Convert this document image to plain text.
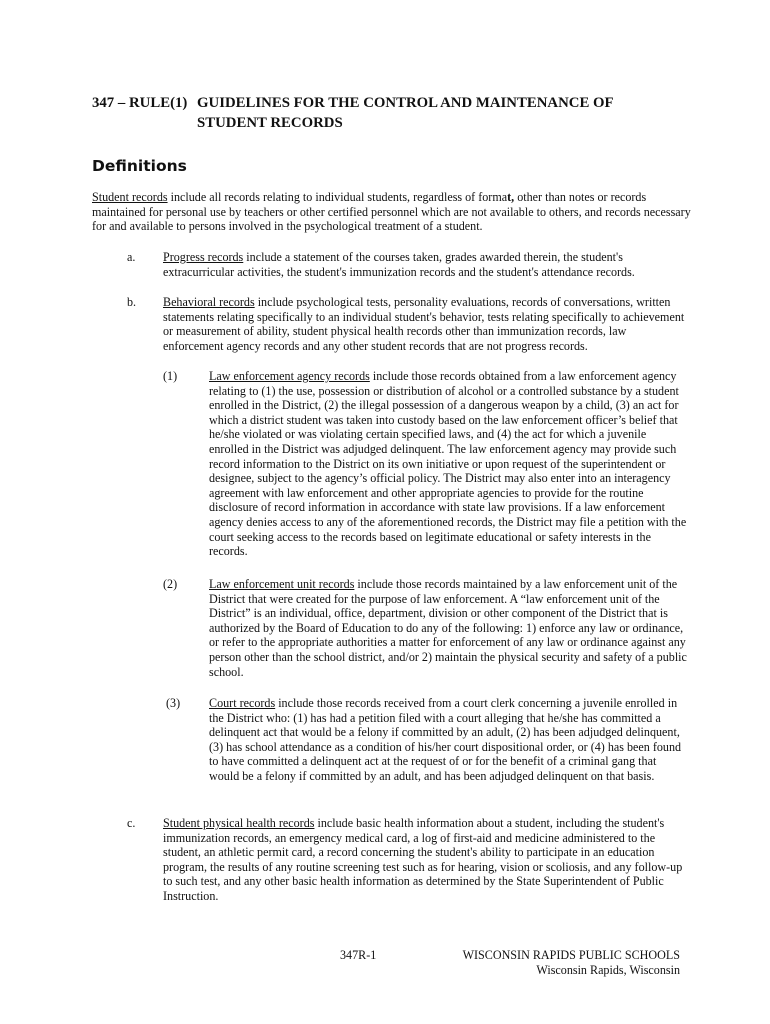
347 – RULE(1) GUIDELINES FOR THE CONTROL AND MAINTENANCE OF
STUDENT RECORDS
Definitions

Student records include all records relating to individual students, regardless of format, other than notes or records maintained for personal use by teachers or other certified personnel which are not available to others, and records necessary for and available to persons involved in the psychological treatment of a student.

a. Progress records include a statement of the courses taken, grades awarded therein, the student's extracurricular activities, the student's immunization records and the student's attendance records.

b. Behavioral records include psychological tests, personality evaluations, records of conversations, written statements relating specifically to an individual student's behavior, tests relating specifically to achievement or measurement of ability, student physical health records other than immunization records, law enforcement agency records and any other student records that are not progress records.

(1)	Law enforcement agency records include those records obtained from a law enforcement agency relating to (1) the use, possession or distribution of alcohol or a controlled substance by a student enrolled in the District, (2) the illegal possession of a dangerous weapon by a child, (3) an act for which a district student was taken into custody based on the law enforcement officer’s belief that he/she violated or was violating certain specified laws, and (4) the act for which a juvenile enrolled in the District was adjudged delinquent. The law enforcement agency may provide such record information to the District on its own initiative or upon request of the superintendent or designee, subject to the agency’s official policy. The District may also enter into an interagency agreement with law enforcement and other appropriate agencies to provide for the routine disclosure of record information in accordance with state law provisions. If a law enforcement agency denies access to any of the aforementioned records, the District may file a petition with the court seeking access to the records based on legitimate educational or safety interests in the records.

(2)	Law enforcement unit records include those records maintained by a law enforcement unit of the District that were created for the purpose of law enforcement. A “law enforcement unit of the District” is an individual, office, department, division or other component of the District that is authorized by the Board of Education to do any of the following: 1) enforce any law or ordinance, or refer to the appropriate authorities a matter for enforcement of any law or ordinance against any person other than the school district, and/or 2) maintain the physical security and safety of a public school.

(3) Court records include those records received from a court clerk concerning a juvenile enrolled in the District who: (1) has had a petition filed with a court alleging that he/she has committed a delinquent act that would be a felony if committed by an adult, (2) has been adjudged delinquent, (3) has school attendance as a condition of his/her court dispositional order, or (4) has been found to have committed a delinquent act at the request of or for the benefit of a criminal gang that would be a felony if committed by an adult, and has been adjudged delinquent on that basis.

c. Student physical health records include basic health information about a student, including the student's immunization records, an emergency medical card, a log of first-aid and medicine administered to the student, an athletic permit card, a record concerning the student's ability to participate in an education program, the results of any routine screening test such as for hearing, vision or scoliosis, and any follow-up to such test, and any other basic health information as determined by the State Superintendent of Public Instruction.

347R-1	WISCONSIN RAPIDS PUBLIC SCHOOLS
Wisconsin Rapids, Wisconsin
